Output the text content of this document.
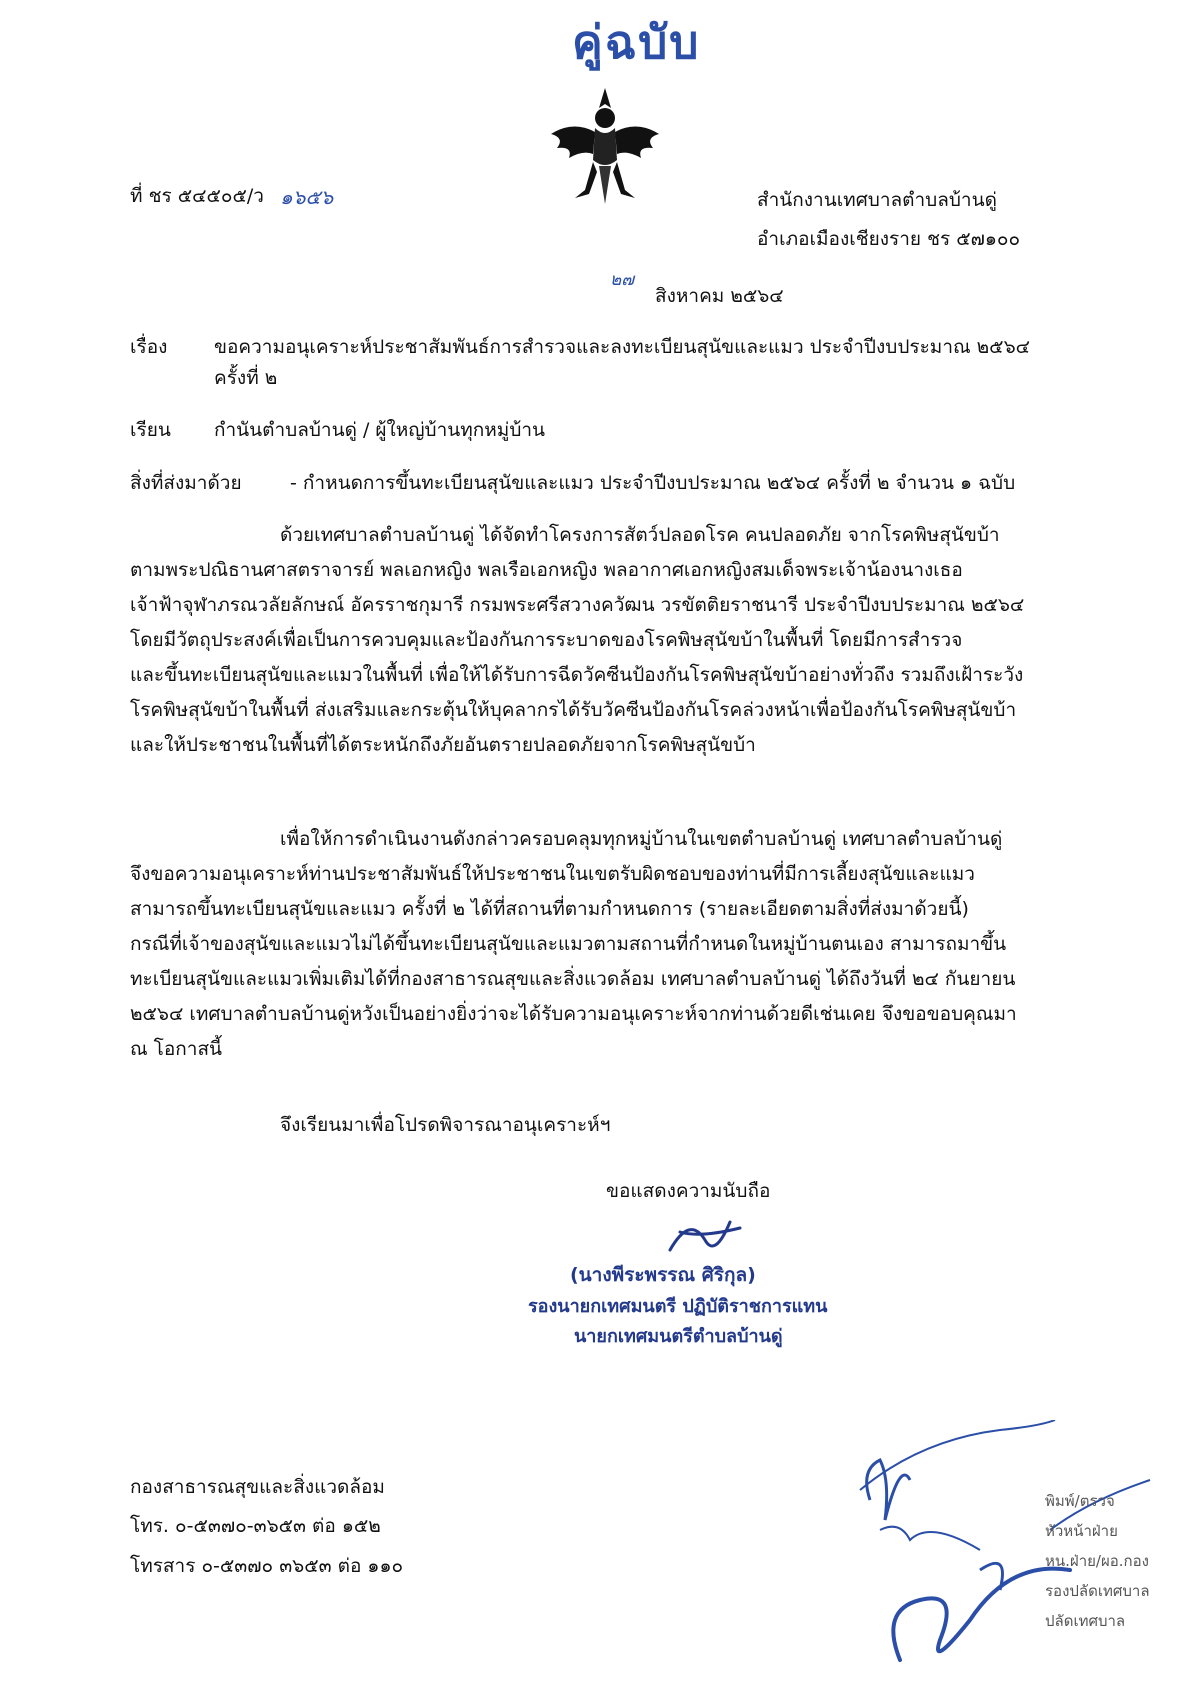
คู่ฉบับ
ที่ ชร ๕๔๕๐๕/ว ๑๖๕๖	สำนักงานเทศบาลตำบลบ้านดู่
อำเภอเมืองเชียงราย ชร ๕๗๑๐๐
๒๗
สิงหาคม ๒๕๖๔
เรื่อง ขอความอนุเคราะห์ประชาสัมพันธ์การสำรวจและลงทะเบียนสุนัขและแมว ประจำปีงบประมาณ ๒๕๖๔
ครั้งที่ ๒
เรียน กำนันตำบลบ้านดู่ / ผู้ใหญ่บ้านทุกหมู่บ้าน
สิ่งที่ส่งมาด้วย	- กำหนดการขึ้นทะเบียนสุนัขและแมว ประจำปีงบประมาณ ๒๕๖๔ ครั้งที่ ๒ จำนวน ๑ ฉบับ

ด้วยเทศบาลตำบลบ้านดู่ ได้จัดทำโครงการสัตว์ปลอดโรค คนปลอดภัย จากโรคพิษสุนัขบ้า

ตามพระปณิธานศาสตราจารย์ พลเอกหญิง พลเรือเอกหญิง พลอากาศเอกหญิงสมเด็จพระเจ้าน้องนางเธอ

เจ้าฟ้าจุฬาภรณวลัยลักษณ์ อัครราชกุมารี กรมพระศรีสวางควัฒน วรขัตติยราชนารี ประจำปีงบประมาณ ๒๕๖๔

โดยมีวัตถุประสงค์เพื่อเป็นการควบคุมและป้องกันการระบาดของโรคพิษสุนัขบ้าในพื้นที่ โดยมีการสำรวจ

และขึ้นทะเบียนสุนัขและแมวในพื้นที่ เพื่อให้ได้รับการฉีดวัคซีนป้องกันโรคพิษสุนัขบ้าอย่างทั่วถึง รวมถึงเฝ้าระวัง

โรคพิษสุนัขบ้าในพื้นที่ ส่งเสริมและกระตุ้นให้บุคลากรได้รับวัคซีนป้องกันโรคล่วงหน้าเพื่อป้องกันโรคพิษสุนัขบ้า

และให้ประชาชนในพื้นที่ได้ตระหนักถึงภัยอันตรายปลอดภัยจากโรคพิษสุนัขบ้า

เพื่อให้การดำเนินงานดังกล่าวครอบคลุมทุกหมู่บ้านในเขตตำบลบ้านดู่ เทศบาลตำบลบ้านดู่

จึงขอความอนุเคราะห์ท่านประชาสัมพันธ์ให้ประชาชนในเขตรับผิดชอบของท่านที่มีการเลี้ยงสุนัขและแมว

สามารถขึ้นทะเบียนสุนัขและแมว ครั้งที่ ๒ ได้ที่สถานที่ตามกำหนดการ (รายละเอียดตามสิ่งที่ส่งมาด้วยนี้)

กรณีที่เจ้าของสุนัขและแมวไม่ได้ขึ้นทะเบียนสุนัขและแมวตามสถานที่กำหนดในหมู่บ้านตนเอง สามารถมาขึ้น

ทะเบียนสุนัขและแมวเพิ่มเติมได้ที่กองสาธารณสุขและสิ่งแวดล้อม เทศบาลตำบลบ้านดู่ ได้ถึงวันที่ ๒๔ กันยายน

๒๕๖๔ เทศบาลตำบลบ้านดู่หวังเป็นอย่างยิ่งว่าจะได้รับความอนุเคราะห์จากท่านด้วยดีเช่นเคย จึงขอขอบคุณมา

ณ โอกาสนี้

จึงเรียนมาเพื่อโปรดพิจารณาอนุเคราะห์ฯ
ขอแสดงความนับถือ
(นางพีระพรรณ ศิริกุล)
รองนายกเทศมนตรี ปฏิบัติราชการแทน
นายกเทศมนตรีตำบลบ้านดู่
กองสาธารณสุขและสิ่งแวดล้อม
โทร. ๐-๕๓๗๐-๓๖๕๓ ต่อ ๑๕๒
โทรสาร ๐-๕๓๗๐ ๓๖๕๓ ต่อ ๑๑๐
พิมพ์/ตรวจ
หัวหน้าฝ่าย
หน.ฝ่าย/ผอ.กอง
รองปลัดเทศบาล
ปลัดเทศบาล
